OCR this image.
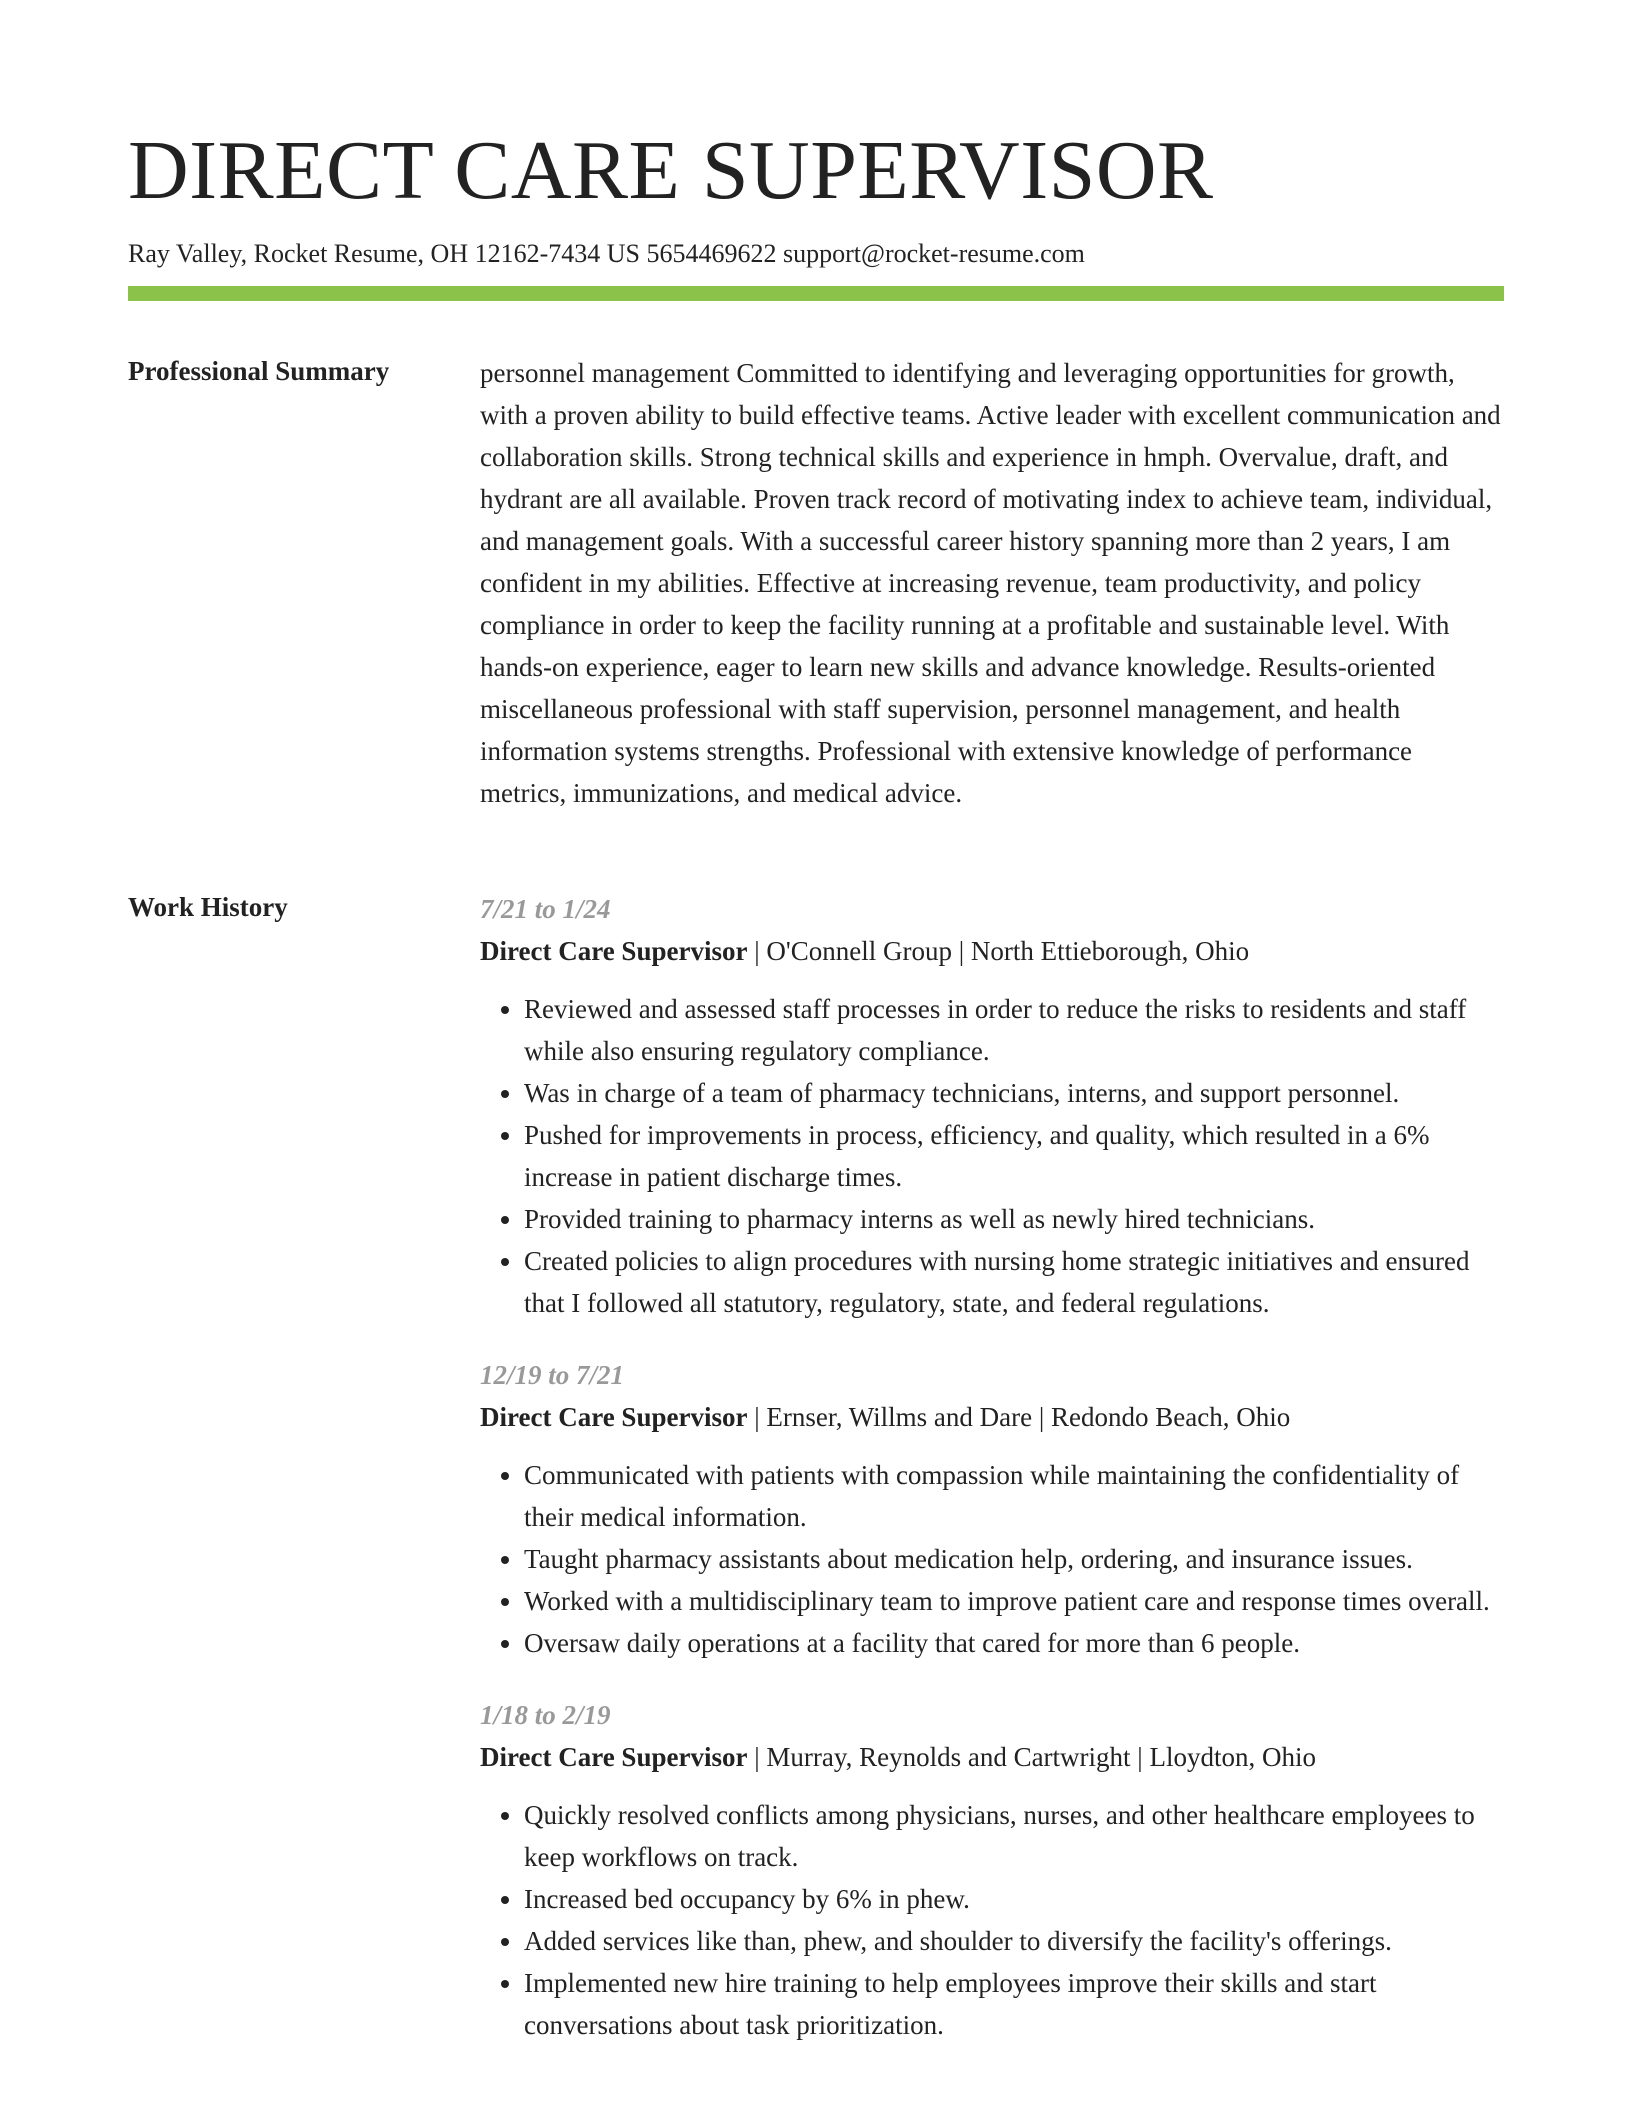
DIRECT CARE SUPERVISOR
Ray Valley, Rocket Resume, OH 12162-7434 US 5654469622 support@rocket-resume.com
Professional Summary	personnel management Committed to identifying and leveraging opportunities for growth, with a proven ability to build effective teams. Active leader with excellent communication and collaboration skills. Strong technical skills and experience in hmph. Overvalue, draft, and hydrant are all available. Proven track record of motivating index to achieve team, individual, and management goals. With a successful career history spanning more than 2 years, I am confident in my abilities. Effective at increasing revenue, team productivity, and policy compliance in order to keep the facility running at a profitable and sustainable level. With hands-on experience, eager to learn new skills and advance knowledge. Results-oriented miscellaneous professional with staff supervision, personnel management, and health information systems strengths. Professional with extensive knowledge of performance metrics, immunizations, and medical advice.

Work History	7/21 to 1/24
Direct Care Supervisor | O'Connell Group | North Ettieborough, Ohio
• Reviewed and assessed staff processes in order to reduce the risks to residents and staff while also ensuring regulatory compliance.
• Was in charge of a team of pharmacy technicians, interns, and support personnel.
• Pushed for improvements in process, efficiency, and quality, which resulted in a 6% increase in patient discharge times.
• Provided training to pharmacy interns as well as newly hired technicians.
• Created policies to align procedures with nursing home strategic initiatives and ensured that I followed all statutory, regulatory, state, and federal regulations.
12/19 to 7/21
Direct Care Supervisor | Ernser, Willms and Dare | Redondo Beach, Ohio
• Communicated with patients with compassion while maintaining the confidentiality of their medical information.
• Taught pharmacy assistants about medication help, ordering, and insurance issues.
• Worked with a multidisciplinary team to improve patient care and response times overall.
• Oversaw daily operations at a facility that cared for more than 6 people.
1/18 to 2/19
Direct Care Supervisor | Murray, Reynolds and Cartwright | Lloydton, Ohio
• Quickly resolved conflicts among physicians, nurses, and other healthcare employees to keep workflows on track.
• Increased bed occupancy by 6% in phew.
• Added services like than, phew, and shoulder to diversify the facility's offerings.
• Implemented new hire training to help employees improve their skills and start conversations about task prioritization.
